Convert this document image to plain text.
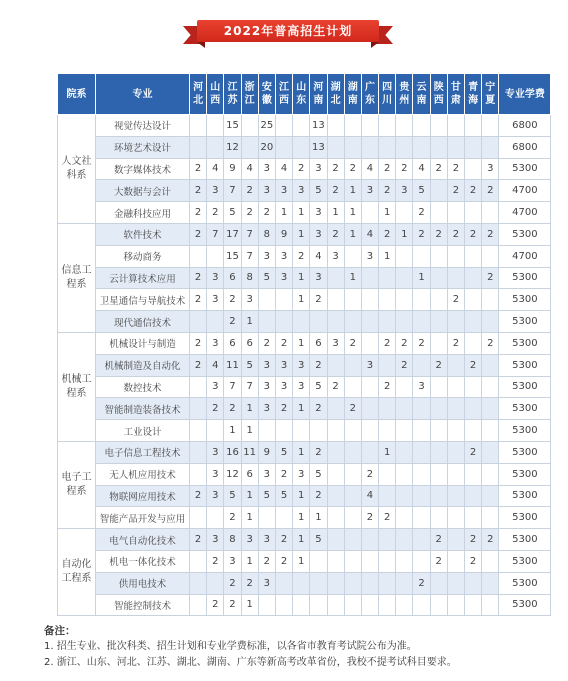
2022年普高招生计划
院系	专业	河北	山西	江苏	浙江	安徽	江西	山东	河南	湖北	湖南	广东	四川	贵州	云南	陕西	甘肃	青海	宁夏	专业学费
人文社科系	视觉传达设计			15		25			13											6800
	环境艺术设计			12		20			13											6800
	数字媒体技术	2	4	9	4	3	4	2	3	2	2	4	2	2	4	2	2		3	5300
	大数据与会计	2	3	7	2	3	3	3	5	2	1	3	2	3	5		2	2	2	4700
	金融科技应用	2	2	5	2	2	1	1	3	1	1		1		2					4700
信息工程系	软件技术	2	7	17	7	8	9	1	3	2	1	4	2	1	2	2	2	2	2	5300
	移动商务			15	7	3	3	2	4	3		3	1							4700
	云计算技术应用	2	3	6	8	5	3	1	3		1				1				2	5300
	卫星通信与导航技术	2	3	2	3			1	2								2			5300
	现代通信技术			2	1															5300
机械工程系	机械设计与制造	2	3	6	6	2	2	1	6	3	2		2	2	2		2		2	5300
	机械制造及自动化	2	4	11	5	3	3	3	2			3		2		2		2		5300
	数控技术		3	7	7	3	3	3	5	2			2		3					5300
	智能制造装备技术		2	2	1	3	2	1	2		2									5300
	工业设计			1	1															5300
电子工程系	电子信息工程技术		3	16	11	9	5	1	2				1					2		5300
	无人机应用技术		3	12	6	3	2	3	5			2								5300
	物联网应用技术	2	3	5	1	5	5	1	2			4								5300
	智能产品开发与应用			2	1			1	1			2	2							5300
自动化工程系	电气自动化技术	2	3	8	3	3	2	1	5							2		2	2	5300
	机电一体化技术		2	3	1	2	2	1								2		2		5300
	供用电技术			2	2	3									2					5300
	智能控制技术		2	2	1															5300
备注：
1. 招生专业、批次科类、招生计划和专业学费标准，以各省市教育考试院公布为准。
2. 浙江、山东、河北、江苏、湖北、湖南、广东等新高考改革省份，我校不提考试科目要求。
